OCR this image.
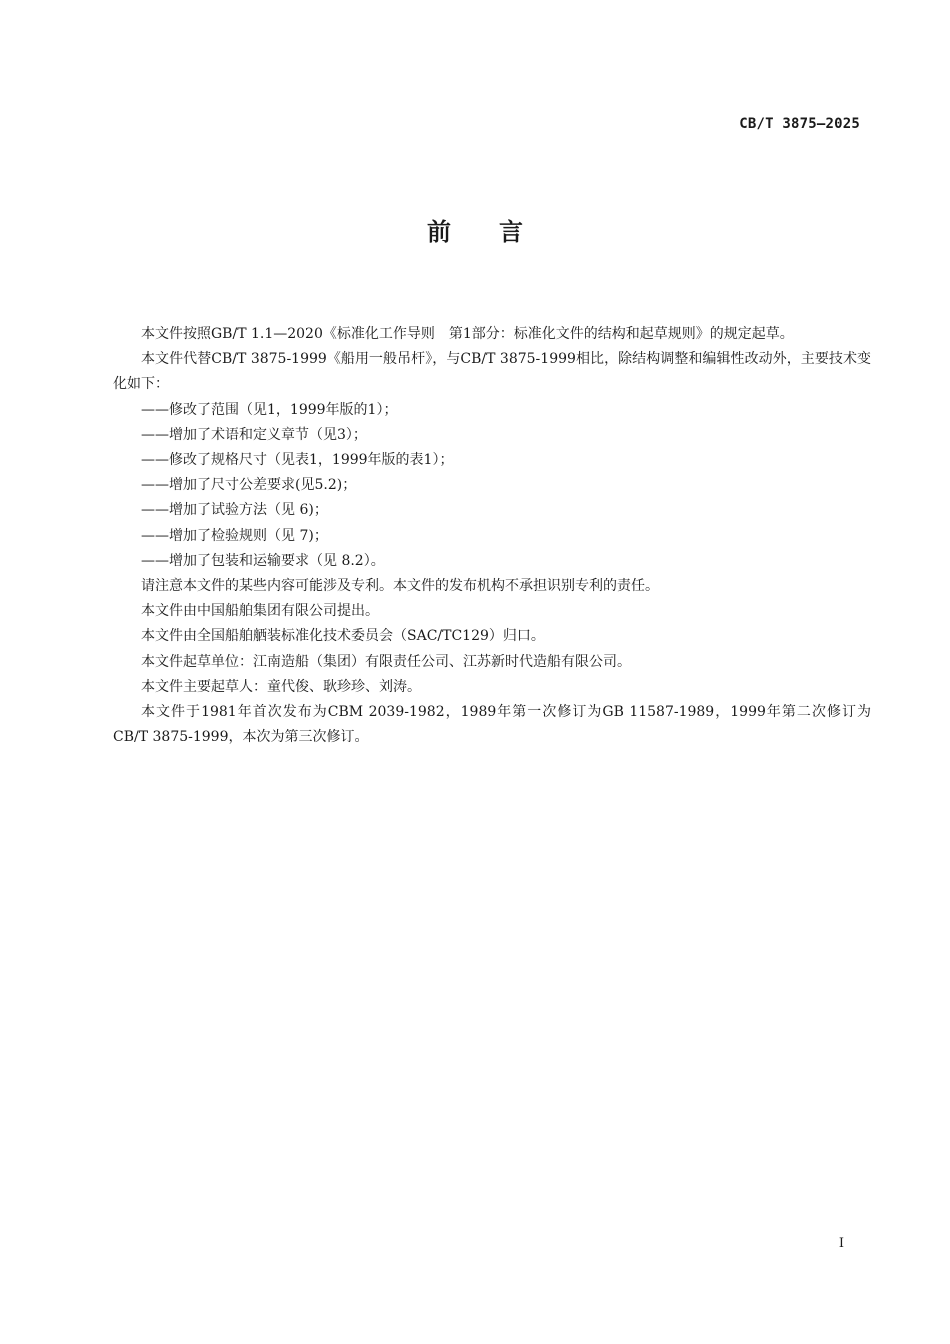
CB/T 3875—2025
前 言

本文件按照GB/T 1.1—2020《标准化工作导则　第1部分：标准化文件的结构和起草规则》的规定起草。

本文件代替CB/T 3875-1999《船用一般吊杆》，与CB/T 3875-1999相比，除结构调整和编辑性改动外，主要技术变化如下：

——修改了范围（见1，1999年版的1）；

——增加了术语和定义章节（见3）；

——修改了规格尺寸（见表1，1999年版的表1）；

——增加了尺寸公差要求(见5.2)；

——增加了试验方法（见 6)；

——增加了检验规则（见 7)；

——增加了包装和运输要求（见 8.2）。

请注意本文件的某些内容可能涉及专利。本文件的发布机构不承担识别专利的责任。

本文件由中国船舶集团有限公司提出。

本文件由全国船舶舾装标准化技术委员会（SAC/TC129）归口。

本文件起草单位：江南造船（集团）有限责任公司、江苏新时代造船有限公司。

本文件主要起草人：童代俊、耿珍珍、刘涛。

本文件于1981年首次发布为CBM 2039-1982，1989年第一次修订为GB 11587-1989，1999年第二次修订为CB/T 3875-1999，本次为第三次修订。

I
